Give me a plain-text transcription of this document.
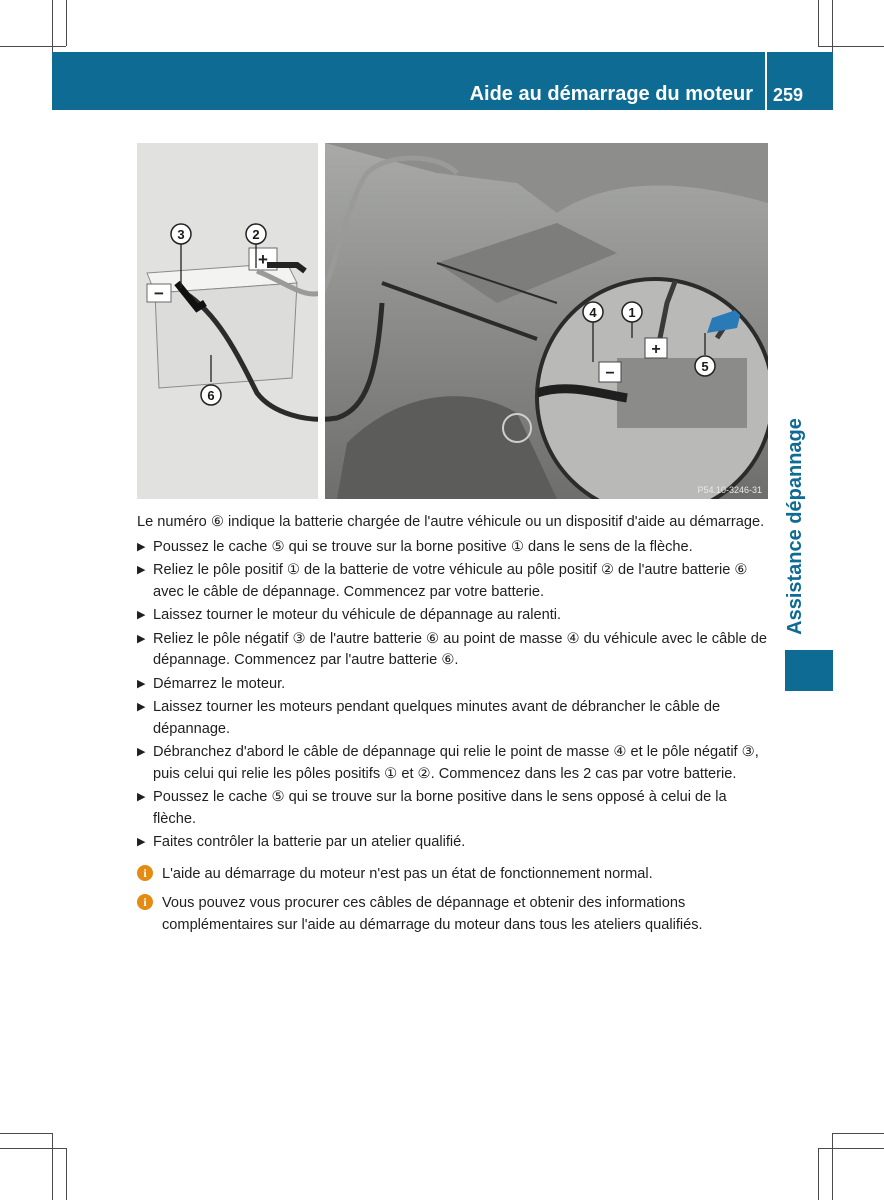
Aide au démarrage du moteur 259
Assistance dépannage
+
−
+
−
3	2
6
4 1
5
P54.10-3246-31

Le numéro ⑥ indique la batterie chargée de l'autre véhicule ou un dispositif d'aide au démarrage.

▶ Poussez le cache ⑤ qui se trouve sur la borne positive ① dans le sens de la flèche.
▶ Reliez le pôle positif ① de la batterie de votre véhicule au pôle positif ② de l'autre batterie ⑥ avec le câble de dépannage. Commencez par votre batterie.
▶ Laissez tourner le moteur du véhicule de dépannage au ralenti.
▶ Reliez le pôle négatif ③ de l'autre batterie ⑥ au point de masse ④ du véhicule avec le câble de dépannage. Commencez par l'autre batterie ⑥.
▶ Démarrez le moteur.
▶ Laissez tourner les moteurs pendant quelques minutes avant de débrancher le câble de dépannage.
▶ Débranchez d'abord le câble de dépannage qui relie le point de masse ④ et le pôle négatif ③, puis celui qui relie les pôles positifs ① et ②. Commencez dans les 2 cas par votre batterie.
▶ Poussez le cache ⑤ qui se trouve sur la borne positive dans le sens opposé à celui de la flèche.
▶ Faites contrôler la batterie par un atelier qualifié.
i	L'aide au démarrage du moteur n'est pas un état de fonctionnement normal.
i	Vous pouvez vous procurer ces câbles de dépannage et obtenir des informations complémentaires sur l'aide au démarrage du moteur dans tous les ateliers qualifiés.
